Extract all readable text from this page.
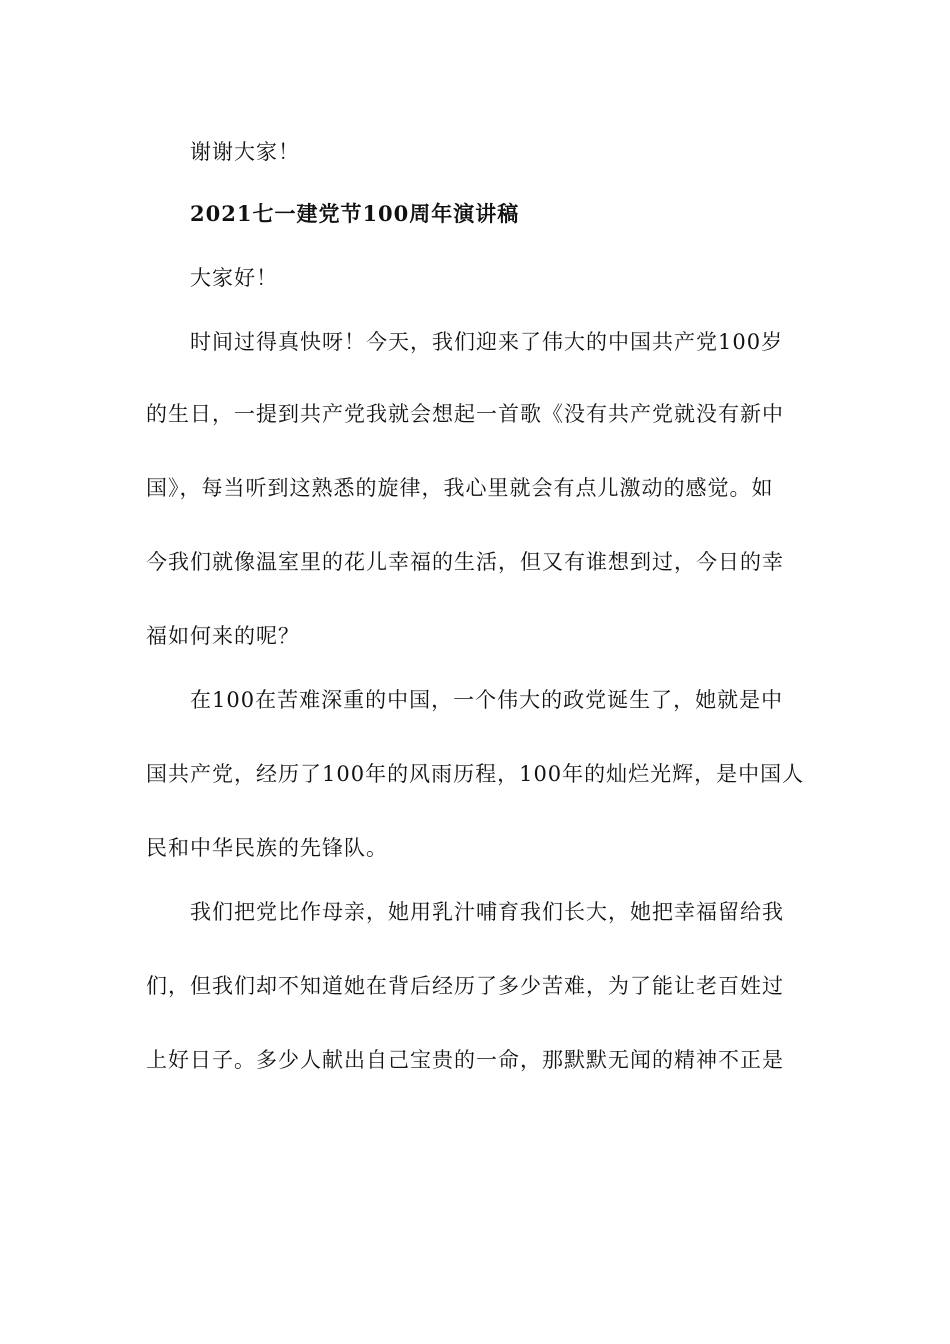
谢谢大家！
2021七一建党节100周年演讲稿
大家好！
时间过得真快呀！今天，我们迎来了伟大的中国共产党100岁
的生日，一提到共产党我就会想起一首歌《没有共产党就没有新中
国》，每当听到这熟悉的旋律，我心里就会有点儿激动的感觉。如
今我们就像温室里的花儿幸福的生活，但又有谁想到过，今日的幸
福如何来的呢？
在100在苦难深重的中国，一个伟大的政党诞生了，她就是中
国共产党，经历了100年的风雨历程，100年的灿烂光辉，是中国人
民和中华民族的先锋队。
我们把党比作母亲，她用乳汁哺育我们长大，她把幸福留给我
们，但我们却不知道她在背后经历了多少苦难，为了能让老百姓过
上好日子。多少人献出自己宝贵的一命，那默默无闻的精神不正是
